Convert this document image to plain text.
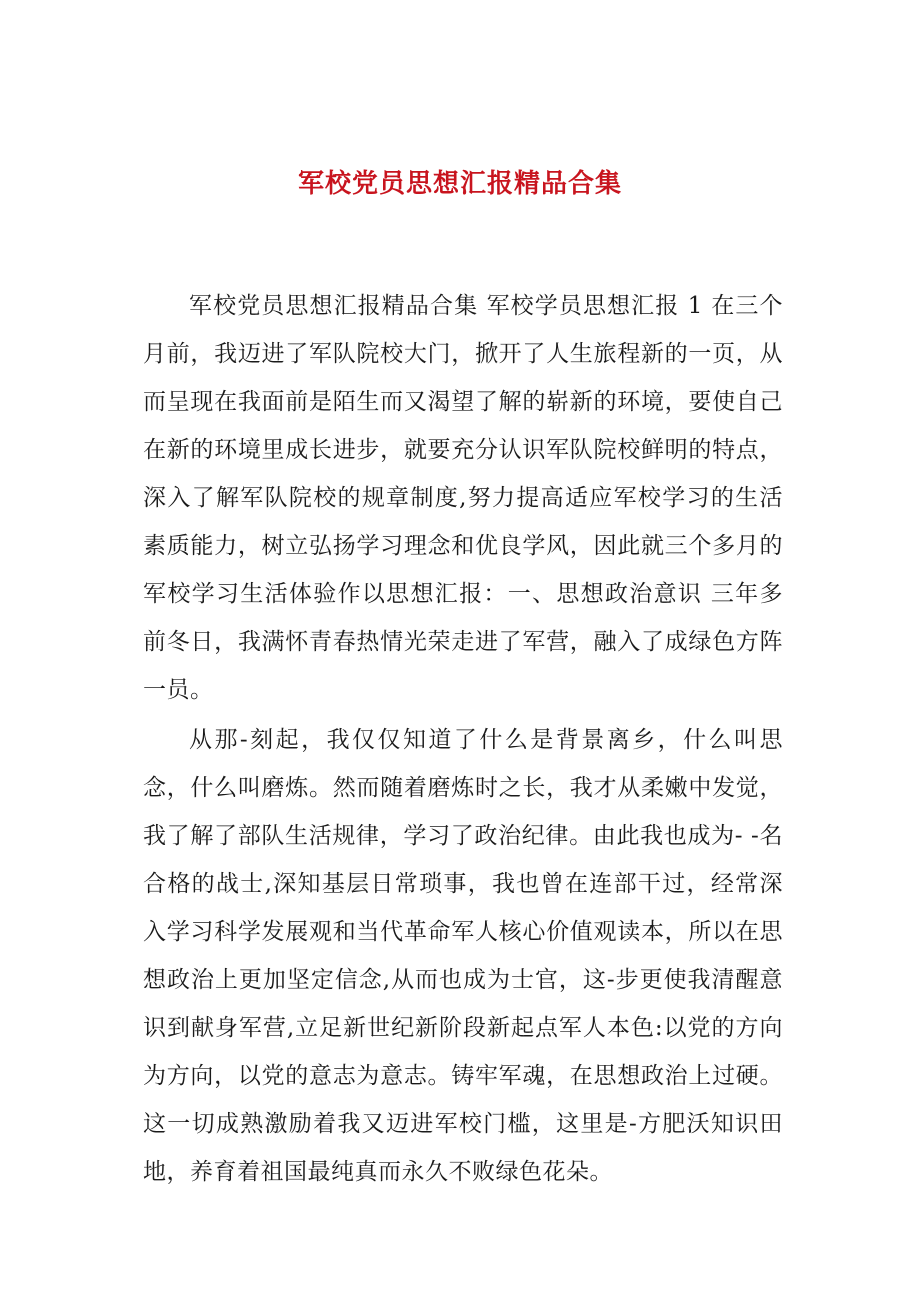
军校党员思想汇报精品合集

军校党员思想汇报精品合集 军校学员思想汇报 1 在三个月前，我迈进了军队院校大门，掀开了人生旅程新的一页，从而呈现在我面前是陌生而又渴望了解的崭新的环境，要使自己在新的环境里成长进步，就要充分认识军队院校鲜明的特点，深入了解军队院校的规章制度,努力提高适应军校学习的生活素质能力，树立弘扬学习理念和优良学风，因此就三个多月的军校学习生活体验作以思想汇报：一、思想政治意识 三年多前冬日，我满怀青春热情光荣走进了军营，融入了成绿色方阵一员。

从那-刻起，我仅仅知道了什么是背景离乡，什么叫思念，什么叫磨炼。然而随着磨炼时之长，我才从柔嫩中发觉，我了解了部队生活规律，学习了政治纪律。由此我也成为- -名合格的战士,深知基层日常琐事，我也曾在连部干过，经常深入学习科学发展观和当代革命军人核心价值观读本，所以在思想政治上更加坚定信念,从而也成为士官，这-步更使我清醒意识到献身军营,立足新世纪新阶段新起点军人本色:以党的方向为方向，以党的意志为意志。铸牢军魂，在思想政治上过硬。这一切成熟激励着我又迈进军校门槛，这里是-方肥沃知识田地，养育着祖国最纯真而永久不败绿色花朵。
